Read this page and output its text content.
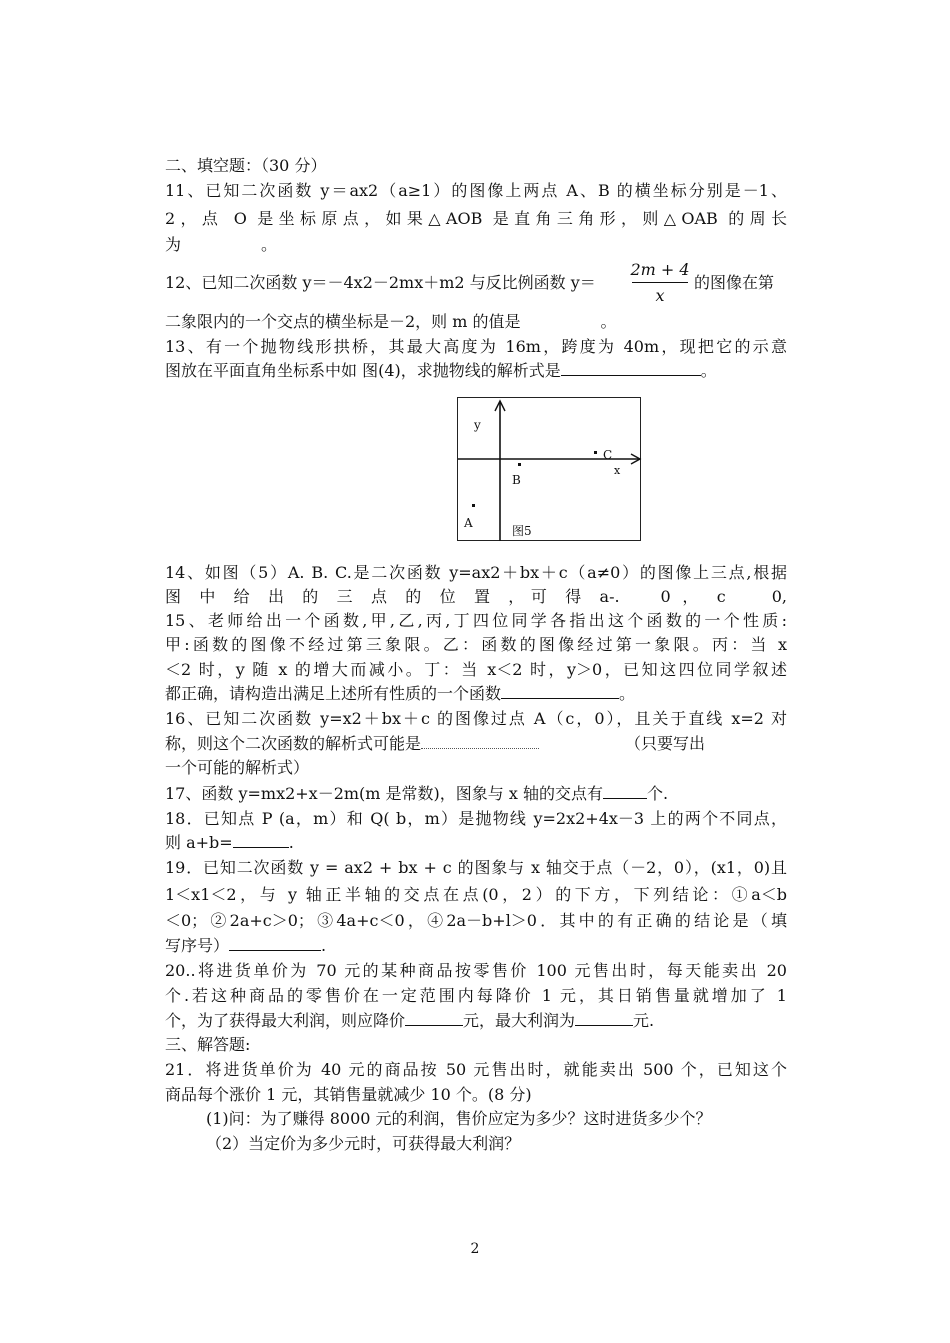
二、填空题：（30 分）
11、已知二次函数 y＝ax2（a≥1）的图像上两点 A、B 的横坐标分别是－1、
2，点 O 是坐标原点，如果△AOB 是直角三角形，则△OAB 的周长
为　　　　　。
12、已知二次函数 y＝－4x2－2mx＋m2 与反比例函数 y＝
2m + 4
x
的图像在第
二象限内的一个交点的横坐标是－2，则 m 的值是　　　　　。
13、有一个抛物线形拱桥，其最大高度为 16m，跨度为 40m，现把它的示意
图放在平面直角坐标系中如 图(4)，求抛物线的解析式是	。
y
x
C
B
A
图5
14、如图（5）A. B. C.是二次函数 y=ax2＋bx＋c（a≠0）的图像上三点,根据
图 中 给 出 的 三 点 的 位 置 ，可 得 a-.　 0 ， c 　 0,
15、老师给出一个函数,甲,乙,丙,丁四位同学各指出这个函数的一个性质:
甲:函数的图像不经过第三象限。乙：函数的图像经过第一象限。丙：当 x
＜2 时，y 随 x 的增大而减小。丁：当 x＜2 时，y＞0，已知这四位同学叙述
都正确，请构造出满足上述所有性质的一个函数	。
16、已知二次函数 y=x2＋bx＋c 的图像过点 A（c，0），且关于直线 x=2 对
称，则这个二次函数的解析式可能是	（只要写出
一个可能的解析式）
17、函数 y=mx2+x－2m(m 是常数)，图象与 x 轴的交点有	个.
18．已知点 P (a，m）和 Q( b，m）是抛物线 y=2x2+4x－3 上的两个不同点，
则 a+b=	.
19．已知二次函数 y = ax2 + bx + c 的图象与 x 轴交于点（－2，0），(x1，0)且
1＜x1＜2，与 y 轴正半轴的交点在点(0，2）的下方，下列结论：①a＜b
＜0；②2a+c＞0；③4a+c＜0，④2a－b+l＞0．其中的有正确的结论是（填
写序号）	.
20..将进货单价为 70 元的某种商品按零售价 100 元售出时，每天能卖出 20
个.若这种商品的零售价在一定范围内每降价 1 元，其日销售量就增加了 1
个，为了获得最大利润，则应降价	元，最大利润为	元.
三、解答题:
21．将进货单价为 40 元的商品按 50 元售出时，就能卖出 500 个，已知这个
商品每个涨价 1 元，其销售量就减少 10 个。(8 分)
(1)问：为了赚得 8000 元的利润，售价应定为多少？这时进货多少个？
（2）当定价为多少元时，可获得最大利润？
2
